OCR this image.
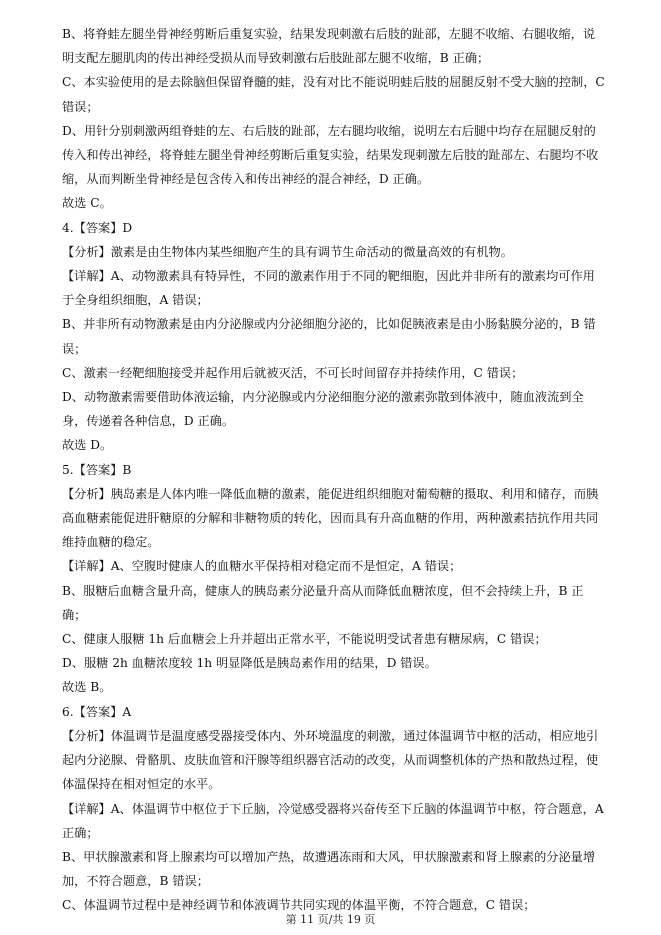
B、将脊蛙左腿坐骨神经剪断后重复实验，结果发现刺激右后肢的趾部，左腿不收缩、右腿收缩，说明支配左腿肌肉的传出神经受损从而导致刺激右后肢趾部左腿不收缩，B 正确；

C、本实验使用的是去除脑但保留脊髓的蛙，没有对比不能说明蛙后肢的屈腿反射不受大脑的控制，C 错误；

D、用针分别刺激两组脊蛙的左、右后肢的趾部，左右腿均收缩，说明左右后腿中均存在屈腿反射的传入和传出神经，将脊蛙左腿坐骨神经剪断后重复实验，结果发现刺激左后肢的趾部左、右腿均不收缩，从而判断坐骨神经是包含传入和传出神经的混合神经，D 正确。

故选 C。

4.【答案】D

【分析】激素是由生物体内某些细胞产生的具有调节生命活动的微量高效的有机物。

【详解】A、动物激素具有特异性，不同的激素作用于不同的靶细胞，因此并非所有的激素均可作用于全身组织细胞，A 错误；

B、并非所有动物激素是由内分泌腺或内分泌细胞分泌的，比如促胰液素是由小肠黏膜分泌的，B 错误；

C、激素一经靶细胞接受并起作用后就被灭活，不可长时间留存并持续作用，C 错误；

D、动物激素需要借助体液运输，内分泌腺或内分泌细胞分泌的激素弥散到体液中，随血液流到全身，传递着各种信息，D 正确。

故选 D。

5.【答案】B

【分析】胰岛素是人体内唯一降低血糖的激素，能促进组织细胞对葡萄糖的摄取、利用和储存，而胰高血糖素能促进肝糖原的分解和非糖物质的转化，因而具有升高血糖的作用，两种激素拮抗作用共同维持血糖的稳定。

【详解】A、空腹时健康人的血糖水平保持相对稳定而不是恒定，A 错误；

B、服糖后血糖含量升高，健康人的胰岛素分泌量升高从而降低血糖浓度，但不会持续上升，B 正确；

C、健康人服糖 1h 后血糖会上升并超出正常水平，不能说明受试者患有糖尿病，C 错误；

D、服糖 2h 血糖浓度较 1h 明显降低是胰岛素作用的结果，D 错误。

故选 B。

6.【答案】A

【分析】体温调节是温度感受器接受体内、外环境温度的刺激，通过体温调节中枢的活动，相应地引起内分泌腺、骨骼肌、皮肤血管和汗腺等组织器官活动的改变，从而调整机体的产热和散热过程，使体温保持在相对恒定的水平。

【详解】A、体温调节中枢位于下丘脑，冷觉感受器将兴奋传至下丘脑的体温调节中枢，符合题意，A 正确；

B、甲状腺激素和肾上腺素均可以增加产热，故遭遇冻雨和大风，甲状腺激素和肾上腺素的分泌量增加，不符合题意，B 错误；

C、体温调节过程中是神经调节和体液调节共同实现的体温平衡，不符合题意，C 错误；

第 11 页/共 19 页
